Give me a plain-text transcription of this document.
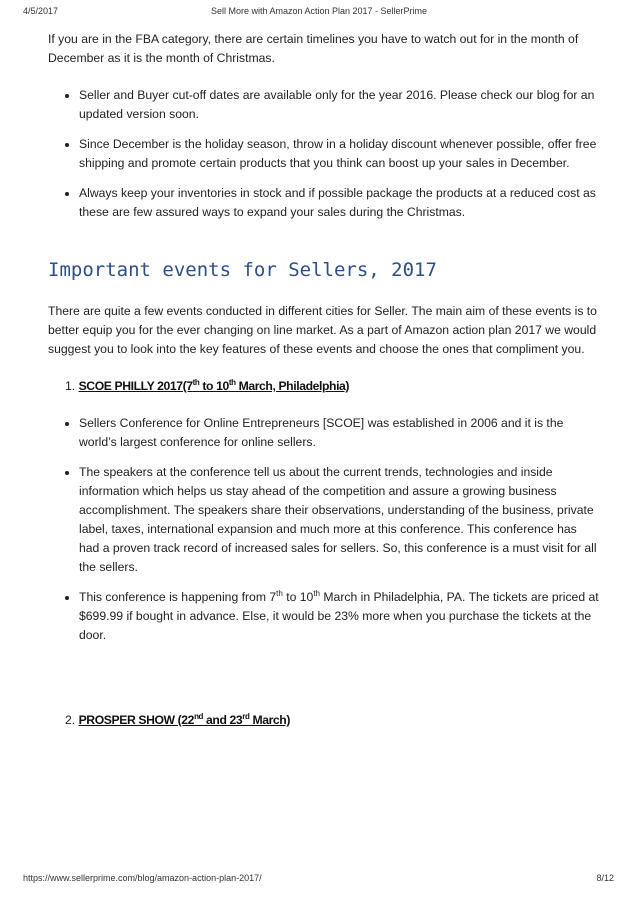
4/5/2017	Sell More with Amazon Action Plan 2017 - SellerPrime

If you are in the FBA category, there are certain timelines you have to watch out for in the month of December as it is the month of Christmas.

Seller and Buyer cut-off dates are available only for the year 2016. Please check our blog for an updated version soon.
Since December is the holiday season, throw in a holiday discount whenever possible, offer free shipping and promote certain products that you think can boost up your sales in December.
Always keep your inventories in stock and if possible package the products at a reduced cost as these are few assured ways to expand your sales during the Christmas.
Important events for Sellers, 2017

There are quite a few events conducted in different cities for Seller. The main aim of these events is to better equip you for the ever changing on line market. As a part of Amazon action plan 2017 we would suggest you to look into the key features of these events and choose the ones that compliment you.

1. SCOE PHILLY 2017(7th to 10th March, Philadelphia)
Sellers Conference for Online Entrepreneurs [SCOE] was established in 2006 and it is the world’s largest conference for online sellers.
The speakers at the conference tell us about the current trends, technologies and inside information which helps us stay ahead of the competition and assure a growing business accomplishment. The speakers share their observations, understanding of the business, private label, taxes, international expansion and much more at this conference. This conference has had a proven track record of increased sales for sellers. So, this conference is a must visit for all the sellers.
This conference is happening from 7th to 10th March in Philadelphia, PA. The tickets are priced at $699.99 if bought in advance. Else, it would be 23% more when you purchase the tickets at the door.
2. PROSPER SHOW (22nd and 23rd March)
https://www.sellerprime.com/blog/amazon-action-plan-2017/	8/12
